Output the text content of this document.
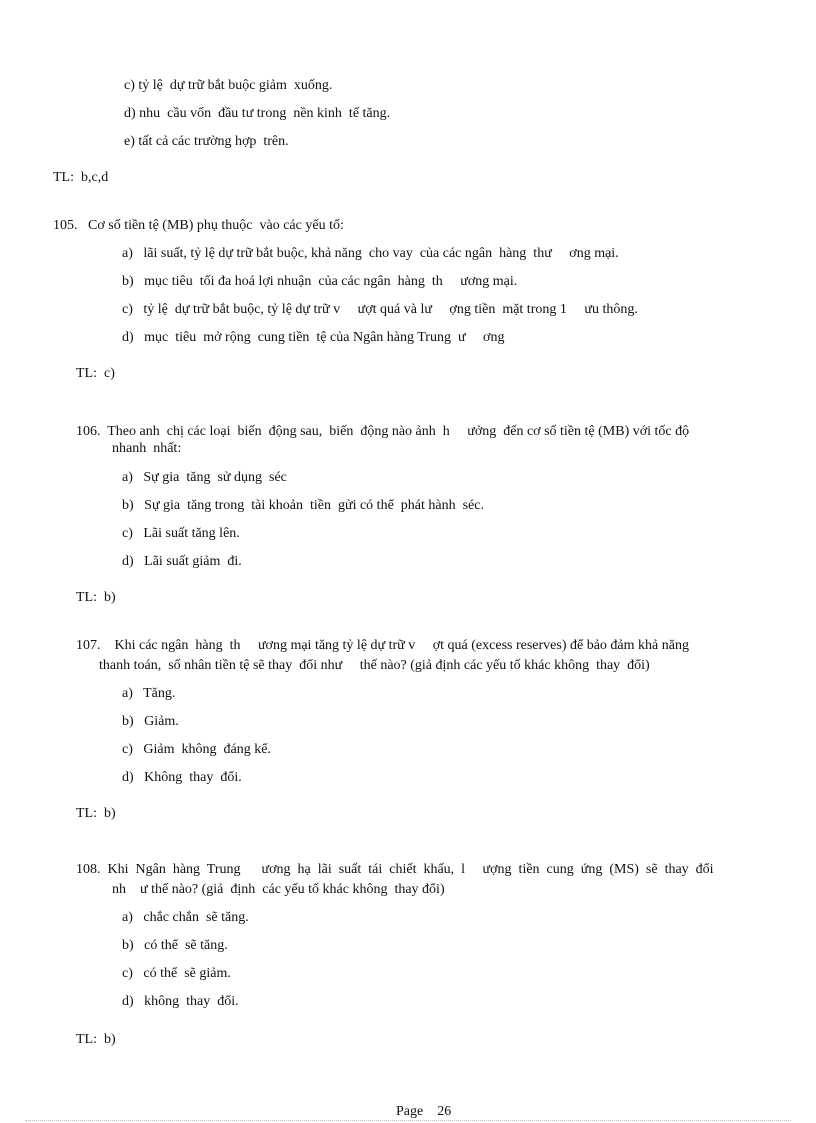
c) tỷ lệ  dự trữ bắt buộc giảm  xuống.
d) nhu  cầu vốn  đầu tư trong  nền kinh  tế tăng.
e) tất cả các trường hợp  trên.
TL:  b,c,d
105.   Cơ số tiền tệ (MB) phụ thuộc  vào các yếu tố:
a)   lãi suất, tỷ lệ dự trữ bắt buộc, khả năng  cho vay  của các ngân  hàng  thư     ơng mại.
b)   mục tiêu  tối đa hoá lợi nhuận  của các ngân  hàng  th     ương mại.
c)   tỷ lệ  dự trữ bắt buộc, tỷ lệ dự trữ v     ượt quá và lư     ợng tiền  mặt trong 1     ưu thông.
d)   mục  tiêu  mở rộng  cung tiền  tệ của Ngân hàng Trung  ư     ơng
TL:  c)
106.  Theo anh  chị các loại  biến  động sau,  biến  động nào ảnh  h     ưởng  đến cơ số tiền tệ (MB) với tốc độ
nhanh  nhất:
a)   Sự gia  tăng  sử dụng  séc
b)   Sự gia  tăng trong  tài khoản  tiền  gửi có thể  phát hành  séc.
c)   Lãi suất tăng lên.
d)   Lãi suất giảm  đi.
TL:  b)
107.    Khi các ngân  hàng  th     ương mại tăng tỷ lệ dự trữ v     ợt quá (excess reserves) để bảo đảm khả năng
thanh toán,  số nhân tiền tệ sẽ thay  đổi như     thế nào? (giả định các yếu tố khác không  thay  đổi)
a)   Tăng.
b)   Giảm.
c)   Giảm  không  đáng kể.
d)   Không  thay  đổi.
TL:  b)
108.  Khi  Ngân  hàng  Trung      ương  hạ  lãi  suất  tái  chiết  khấu,  l     ượng  tiền  cung  ứng  (MS)  sẽ  thay  đổi
nh    ư thế nào? (giả  định  các yếu tố khác không  thay đổi)
a)   chắc chắn  sẽ tăng.
b)   có thể  sẽ tăng.
c)   có thể  sẽ giảm.
d)   không  thay  đổi.
TL:  b)
Page    26
